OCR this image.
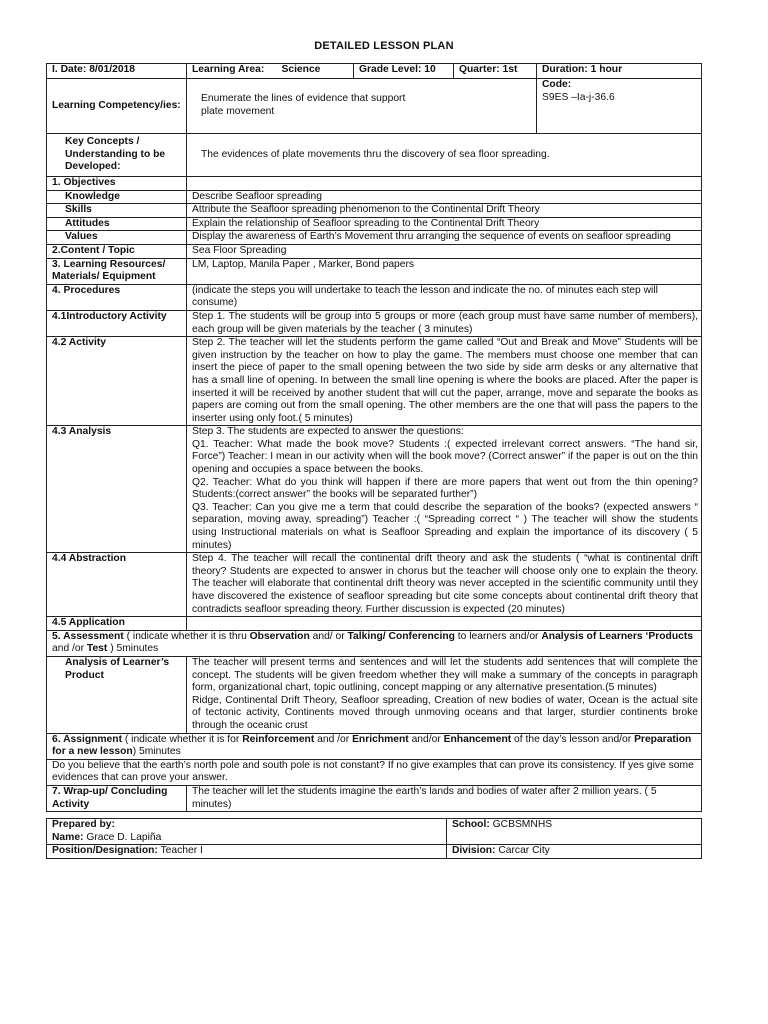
DETAILED LESSON PLAN
I. Date: 8/01/2018	Learning Area: Science	Grade Level: 10	Quarter: 1st	Duration: 1 hour
Learning Competency/ies:	Enumerate the lines of evidence that support plate movement			Code:
S9ES –Ia-j-36.6

Key Concepts / Understanding to be Developed:	The evidences of plate movements thru the discovery of sea floor spreading.			
1. Objectives				
Knowledge	Describe Seafloor spreading			
Skills	Attribute the Seafloor spreading phenomenon to the Continental Drift Theory			
Attitudes	Explain the relationship of Seafloor spreading to the Continental Drift Theory			
Values	Display the awareness of Earth’s Movement thru arranging the sequence of events on seafloor spreading			
2.Content / Topic	Sea Floor Spreading			
3. Learning Resources/ Materials/ Equipment	LM, Laptop, Manila Paper , Marker, Bond papers			
4. Procedures	(indicate the steps you will undertake to teach the lesson and indicate the no. of minutes each step will consume)			
4.1Introductory Activity	Step 1. The students will be group into 5 groups or more (each group must have same number of members), each group will be given materials by the teacher ( 3 minutes)			
4.2 Activity	Step 2. The teacher will let the students perform the game called “Out and Break and Move” Students will be given instruction by the teacher on how to play the game. The members must choose one member that can insert the piece of paper to the small opening between the two side by side arm desks or any alternative that has a small line of opening. In between the small line opening is where the books are placed. After the paper is inserted it will be received by another student that will cut the paper, arrange, move and separate the books as papers are coming out from the small opening. The other members are the one that will pass the papers to the inserter using only foot.( 5 minutes)			
4.3 Analysis	Step 3. The students are expected to answer the questions:
Q1. Teacher: What made the book move? Students :( expected irrelevant correct answers. “The hand sir, Force”) Teacher: I mean in our activity when will the book move? (Correct answer” if the paper is out on the thin opening and occupies a space between the books.
Q2. Teacher: What do you think will happen if there are more papers that went out from the thin opening? Students:(correct answer” the books will be separated further”)
Q3. Teacher: Can you give me a term that could describe the separation of the books? (expected answers “ separation, moving away, spreading”) Teacher :( “Spreading correct “ ) The teacher will show the students using Instructional materials on what is Seafloor Spreading and explain the importance of its discovery ( 5 minutes)			

4.4 Abstraction	Step 4. The teacher will recall the continental drift theory and ask the students ( “what is continental drift theory? Students are expected to answer in chorus but the teacher will choose only one to explain the theory. The teacher will elaborate that continental drift theory was never accepted in the scientific community until they have discovered the existence of seafloor spreading but cite some concepts about continental drift theory that contradicts seafloor spreading theory. Further discussion is expected (20 minutes)			
4.5 Application				
5. Assessment ( indicate whether it is thru Observation and/ or Talking/ Conferencing to learners and/or Analysis of Learners ‘Products and /or Test ) 5minutes				
Analysis of Learner’s Product	The teacher will present terms and sentences and will let the students add sentences that will complete the concept. The students will be given freedom whether they will make a summary of the concepts in paragraph form, organizational chart, topic outlining, concept mapping or any alternative presentation.(5 minutes)
Ridge, Continental Drift Theory, Seafloor spreading, Creation of new bodies of water, Ocean is the actual site of tectonic activity, Continents moved through unmoving oceans and that larger, sturdier continents broke through the oceanic crust			

6. Assignment ( indicate whether it is for Reinforcement and /or Enrichment and/or Enhancement of the day’s lesson and/or Preparation for a new lesson) 5minutes				
Do you believe that the earth’s north pole and south pole is not constant? If no give examples that can prove its consistency. If yes give some evidences that can prove your answer.				
7. Wrap-up/ Concluding Activity	The teacher will let the students imagine the earth’s lands and bodies of water after 2 million years. ( 5 minutes)			
Prepared by:
Name: Grace D. Lapiña	School: GCBSMNHS
Position/Designation: Teacher I	Division: Carcar City
